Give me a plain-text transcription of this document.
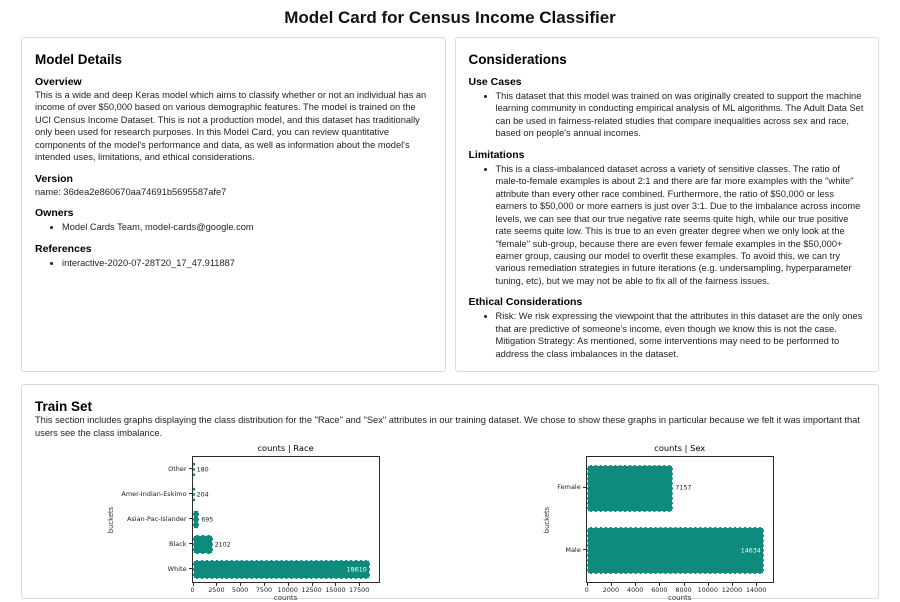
Model Card for Census Income Classifier
Model Details
Overview

This is a wide and deep Keras model which aims to classify whether or not an individual has an income of over $50,000 based on various demographic features. The model is trained on the UCI Census Income Dataset. This is not a production model, and this dataset has traditionally only been used for research purposes. In this Model Card, you can review quantitative components of the model's performance and data, as well as information about the model's intended uses, limitations, and ethical considerations.

Version

name: 36dea2e860670aa74691b5695587afe7

Owners
• Model Cards Team, model-cards@google.com
References
• interactive-2020-07-28T20_17_47.911887
Considerations
Use Cases
• This dataset that this model was trained on was originally created to support the machine learning community in conducting empirical analysis of ML algorithms. The Adult Data Set can be used in fairness-related studies that compare inequalities across sex and race, based on people's annual incomes.
Limitations
• This is a class-imbalanced dataset across a variety of sensitive classes. The ratio of male-to-female examples is about 2:1 and there are far more examples with the "white" attribute than every other race combined. Furthermore, the ratio of $50,000 or less earners to $50,000 or more earners is just over 3:1. Due to the imbalance across income levels, we can see that our true negative rate seems quite high, while our true positive rate seems quite low. This is true to an even greater degree when we only look at the "female" sub-group, because there are even fewer female examples in the $50,000+ earner group, causing our model to overfit these examples. To avoid this, we can try various remediation strategies in future iterations (e.g. undersampling, hyperparameter tuning, etc), but we may not be able to fix all of the fairness issues.
Ethical Considerations
• Risk: We risk expressing the viewpoint that the attributes in this dataset are the only ones that are predictive of someone's income, even though we know this is not the case.
Mitigation Strategy: As mentioned, some interventions may need to be performed to address the class imbalances in the dataset.
Train Set

This section includes graphs displaying the class distribution for the "Race" and "Sex" attributes in our training dataset. We chose to show these graphs in particular because we felt it was important that users see the class imbalance.

counts | Race
buckets
Other
Amer-Indian-Eskimo
Asian-Pac-Islander
Black
White
180
204
695
2102
18610
0 2500 5000 7500 10000 12500 15000 17500
counts
counts | Sex
buckets
Female
Male
7157
14634
0 2000 4000 6000 8000 10000 12000 14000
counts
